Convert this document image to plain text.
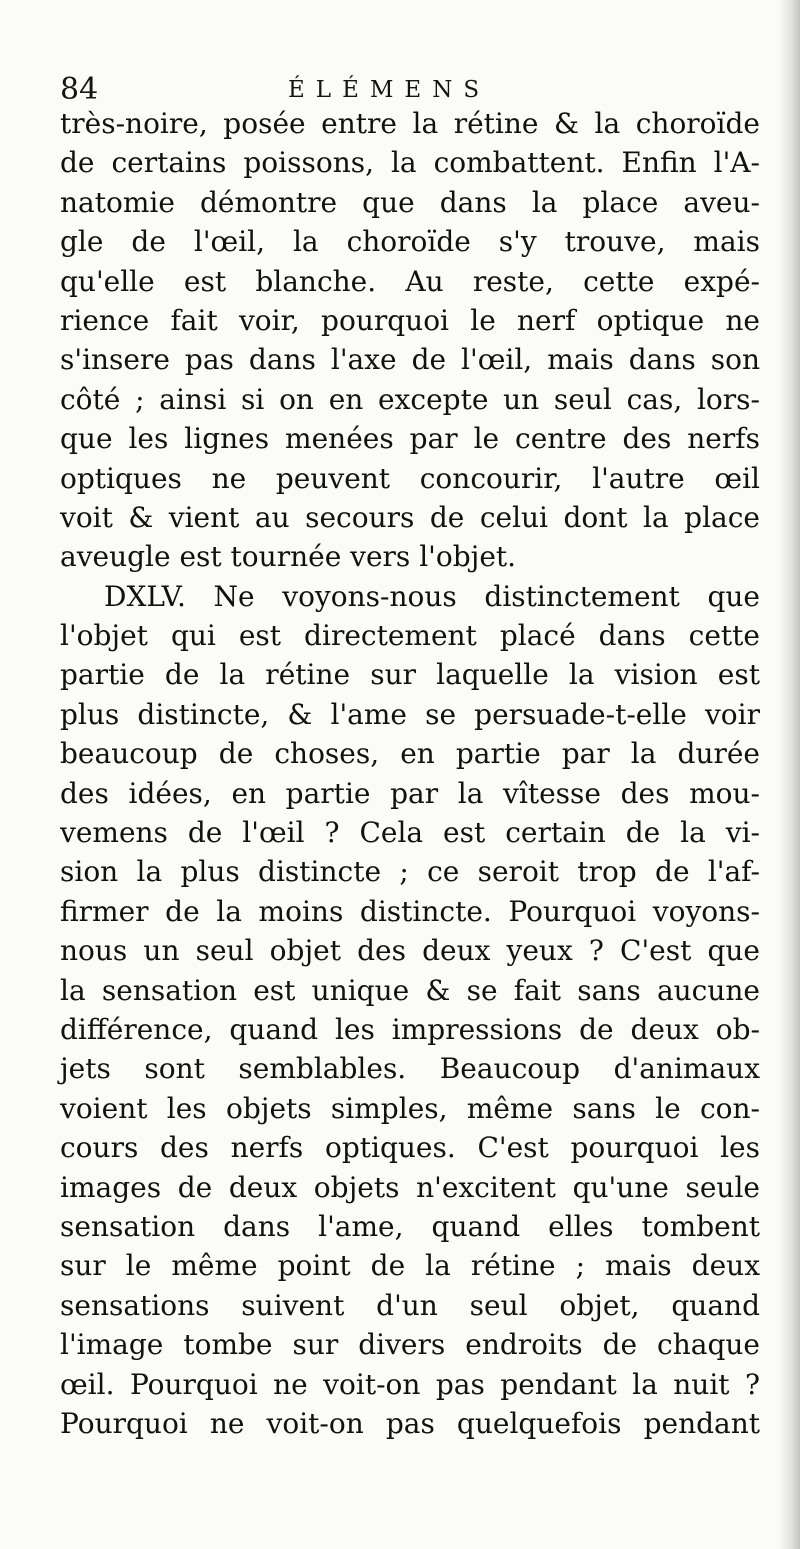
84	ÉLÉMENS
très-noire, posée entre la rétine & la choroïde
de certains poissons, la combattent. Enfin l'A-
natomie démontre que dans la place aveu-
gle de l'œil, la choroïde s'y trouve, mais
qu'elle est blanche. Au reste, cette expé-
rience fait voir, pourquoi le nerf optique ne
s'insere pas dans l'axe de l'œil, mais dans son
côté ; ainsi si on en excepte un seul cas, lors-
que les lignes menées par le centre des nerfs
optiques ne peuvent concourir, l'autre œil
voit & vient au secours de celui dont la place
aveugle est tournée vers l'objet.
DXLV. Ne voyons-nous distinctement que
l'objet qui est directement placé dans cette
partie de la rétine sur laquelle la vision est
plus distincte, & l'ame se persuade-t-elle voir
beaucoup de choses, en partie par la durée
des idées, en partie par la vîtesse des mou-
vemens de l'œil ? Cela est certain de la vi-
sion la plus distincte ; ce seroit trop de l'af-
firmer de la moins distincte. Pourquoi voyons-
nous un seul objet des deux yeux ? C'est que
la sensation est unique & se fait sans aucune
différence, quand les impressions de deux ob-
jets sont semblables. Beaucoup d'animaux
voient les objets simples, même sans le con-
cours des nerfs optiques. C'est pourquoi les
images de deux objets n'excitent qu'une seule
sensation dans l'ame, quand elles tombent
sur le même point de la rétine ; mais deux
sensations suivent d'un seul objet, quand
l'image tombe sur divers endroits de chaque
œil. Pourquoi ne voit-on pas pendant la nuit ?
Pourquoi ne voit-on pas quelquefois pendant
